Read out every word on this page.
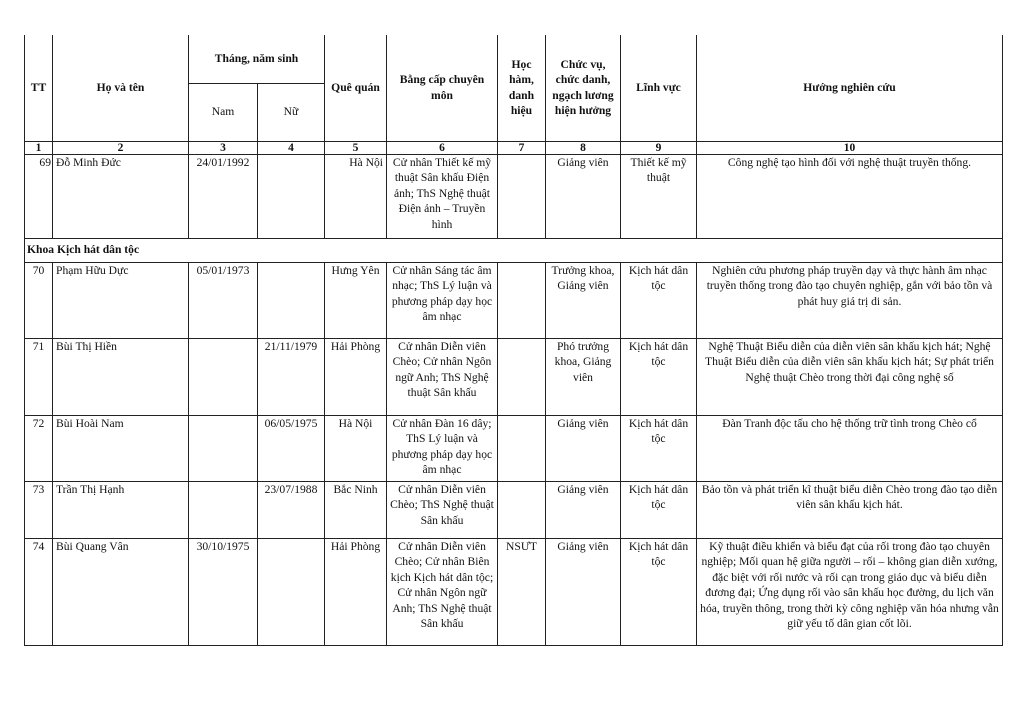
TT	Họ và tên	Tháng, năm sinh		Quê quán	Bằng cấp chuyên môn	Học hàm, danh hiệu	Chức vụ, chức danh, ngạch lương hiện hưởng	Lĩnh vực	Hướng nghiên cứu
		Nam	Nữ						
1	2	3	4	5	6	7	8	9	10
69	Đỗ Minh Đức	24/01/1992		Hà Nội	Cử nhân Thiết kế mỹ thuật Sân khấu Điện ảnh; ThS Nghệ thuật Điện ảnh – Truyền hình		Giảng viên	Thiết kế mỹ thuật	Công nghệ tạo hình đối với nghệ thuật truyền thống.
Khoa Kịch hát dân tộc									
70	Phạm Hữu Dực	05/01/1973		Hưng Yên	Cử nhân Sáng tác âm nhạc; ThS Lý luận và phương pháp dạy học âm nhạc		Trưởng khoa, Giảng viên	Kịch hát dân tộc	Nghiên cứu phương pháp truyền dạy và thực hành âm nhạc truyền thống trong đào tạo chuyên nghiệp, gắn với bảo tồn và phát huy giá trị di sản.
71	Bùi Thị Hiền		21/11/1979	Hải Phòng	Cử nhân Diễn viên Chèo; Cử nhân Ngôn ngữ Anh; ThS Nghệ thuật Sân khấu		Phó trưởng khoa, Giảng viên	Kịch hát dân tộc	Nghệ Thuật Biểu diễn của diễn viên sân khấu kịch hát; Nghệ Thuật Biểu diễn của diễn viên sân khấu kịch hát; Sự phát triển Nghệ thuật Chèo trong thời đại công nghệ số
72	Bùi Hoài Nam		06/05/1975	Hà Nội	Cử nhân Đàn 16 dây; ThS Lý luận và phương pháp dạy học âm nhạc		Giảng viên	Kịch hát dân tộc	Đàn Tranh độc tấu cho hệ thống trữ tình trong Chèo cổ
73	Trần Thị Hạnh		23/07/1988	Bắc Ninh	Cử nhân Diễn viên Chèo; ThS Nghệ thuật Sân khấu		Giảng viên	Kịch hát dân tộc	Bảo tồn và phát triển kĩ thuật biểu diễn Chèo trong đào tạo diễn viên sân khấu kịch hát.
74	Bùi Quang Vân	30/10/1975		Hải Phòng	Cử nhân Diễn viên Chèo; Cử nhân Biên kịch Kịch hát dân tộc; Cử nhân Ngôn ngữ Anh; ThS Nghệ thuật Sân khấu	NSƯT	Giảng viên	Kịch hát dân tộc	Kỹ thuật điều khiển và biểu đạt của rối trong đào tạo chuyên nghiệp; Mối quan hệ giữa người – rối – không gian diễn xướng, đặc biệt với rối nước và rối cạn trong giáo dục và biểu diễn đương đại; Ứng dụng rối vào sân khấu học đường, du lịch văn hóa, truyền thông, trong thời kỳ công nghiệp văn hóa nhưng vẫn giữ yếu tố dân gian cốt lõi.
